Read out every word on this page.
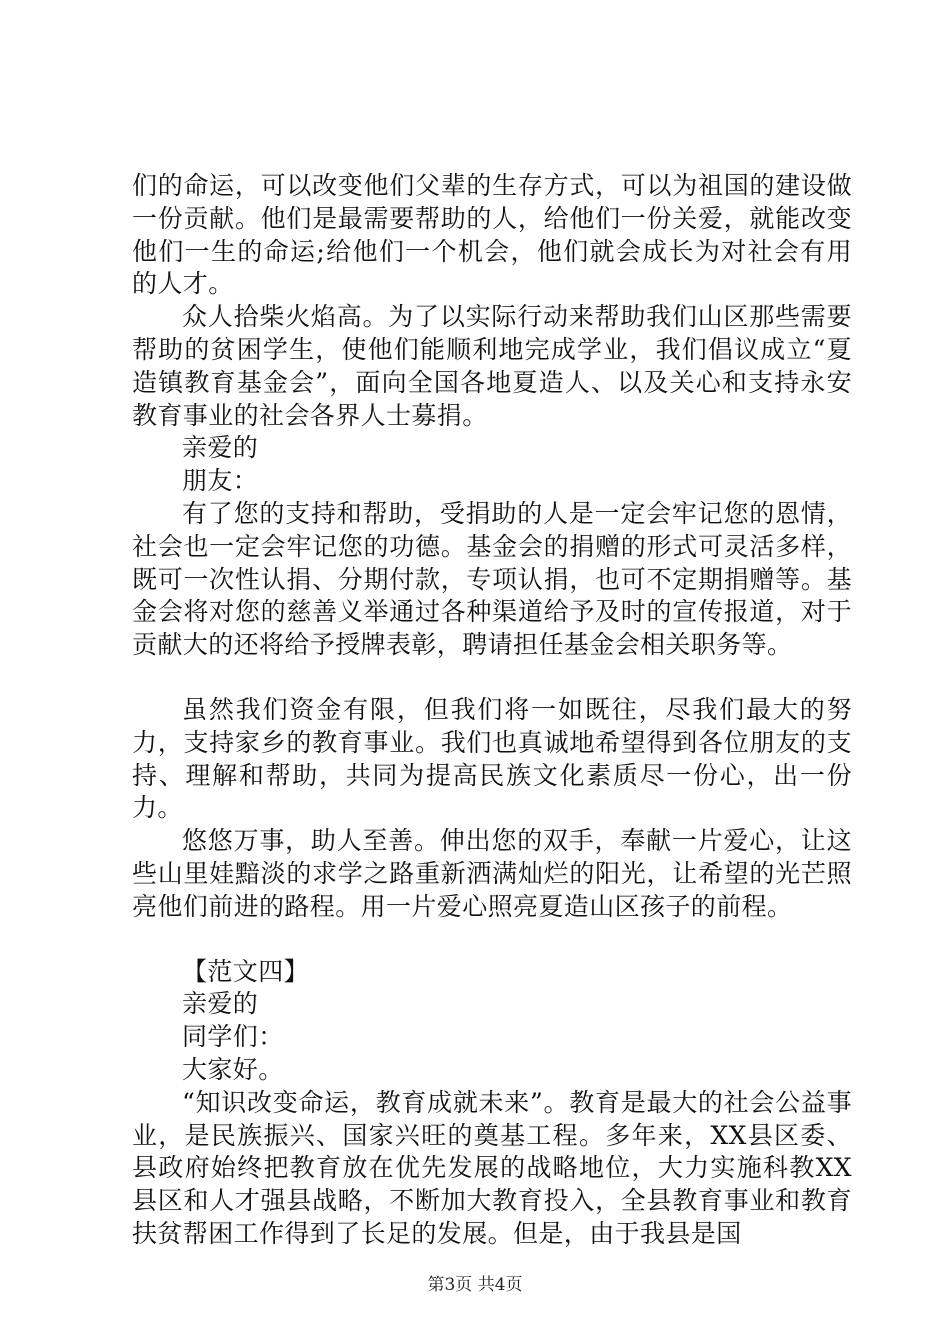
们的命运，可以改变他们父辈的生存方式，可以为祖国的建设做一份贡献。他们是最需要帮助的人，给他们一份关爱，就能改变他们一生的命运;给他们一个机会，他们就会成长为对社会有用的人才。

众人拾柴火焰高。为了以实际行动来帮助我们山区那些需要帮助的贫困学生，使他们能顺利地完成学业，我们倡议成立“夏造镇教育基金会”，面向全国各地夏造人、以及关心和支持永安教育事业的社会各界人士募捐。

亲爱的

朋友：

有了您的支持和帮助，受捐助的人是一定会牢记您的恩情，社会也一定会牢记您的功德。基金会的捐赠的形式可灵活多样，既可一次性认捐、分期付款，专项认捐，也可不定期捐赠等。基金会将对您的慈善义举通过各种渠道给予及时的宣传报道，对于贡献大的还将给予授牌表彰，聘请担任基金会相关职务等。

虽然我们资金有限，但我们将一如既往，尽我们最大的努力，支持家乡的教育事业。我们也真诚地希望得到各位朋友的支持、理解和帮助，共同为提高民族文化素质尽一份心，出一份力。

悠悠万事，助人至善。伸出您的双手，奉献一片爱心，让这些山里娃黯淡的求学之路重新洒满灿烂的阳光，让希望的光芒照亮他们前进的路程。用一片爱心照亮夏造山区孩子的前程。

【范文四】

亲爱的

同学们：

大家好。

“知识改变命运，教育成就未来”。教育是最大的社会公益事业，是民族振兴、国家兴旺的奠基工程。多年来，XX县区委、县政府始终把教育放在优先发展的战略地位，大力实施科教XX县区和人才强县战略，不断加大教育投入，全县教育事业和教育扶贫帮困工作得到了长足的发展。但是，由于我县是国

第3页 共4页
